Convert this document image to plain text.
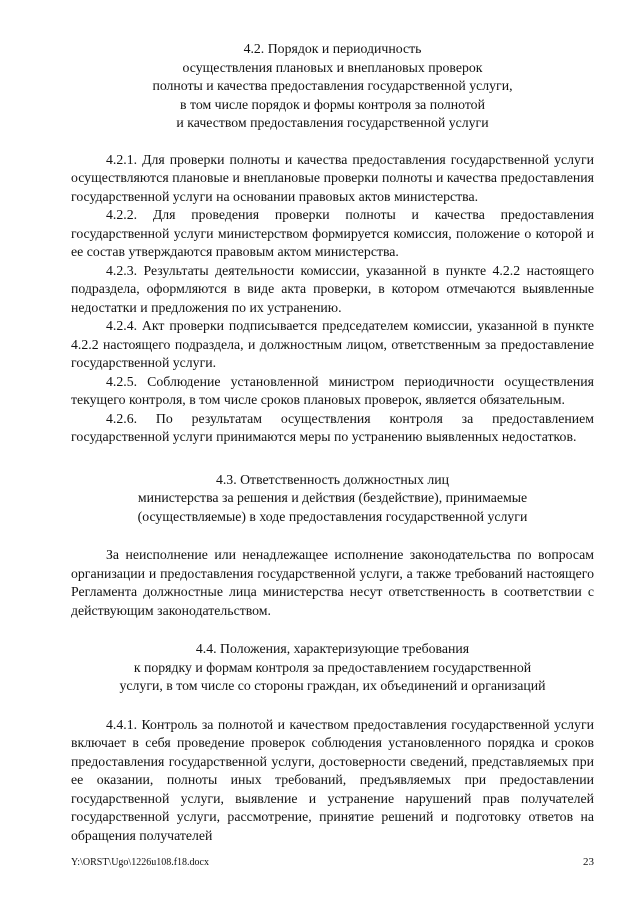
4.2. Порядок и периодичность
осуществления плановых и внеплановых проверок
полноты и качества предоставления государственной услуги,
в том числе порядок и формы контроля за полнотой
и качеством предоставления государственной услуги

4.2.1. Для проверки полноты и качества предоставления государственной услуги осуществляются плановые и внеплановые проверки полноты и качества предоставления государственной услуги на основании правовых актов министерства.

4.2.2. Для проведения проверки полноты и качества предоставления государственной услуги министерством формируется комиссия, положение о которой и ее состав утверждаются правовым актом министерства.

4.2.3. Результаты деятельности комиссии, указанной в пункте 4.2.2 настоящего подраздела, оформляются в виде акта проверки, в котором отмечаются выявленные недостатки и предложения по их устранению.

4.2.4. Акт проверки подписывается председателем комиссии, указанной в пункте 4.2.2 настоящего подраздела, и должностным лицом, ответственным за предоставление государственной услуги.

4.2.5. Соблюдение установленной министром периодичности осуществления текущего контроля, в том числе сроков плановых проверок, является обязательным.

4.2.6. По результатам осуществления контроля за предоставлением государственной услуги принимаются меры по устранению выявленных недостатков.

4.3. Ответственность должностных лиц
министерства за решения и действия (бездействие), принимаемые
(осуществляемые) в ходе предоставления государственной услуги

За неисполнение или ненадлежащее исполнение законодательства по вопросам организации и предоставления государственной услуги, а также требований настоящего Регламента должностные лица министерства несут ответственность в соответствии с действующим законодательством.

4.4. Положения, характеризующие требования
к порядку и формам контроля за предоставлением государственной
услуги, в том числе со стороны граждан, их объединений и организаций

4.4.1. Контроль за полнотой и качеством предоставления государственной услуги включает в себя проведение проверок соблюдения установленного порядка и сроков предоставления государственной услуги, достоверности сведений, представляемых при ее оказании, полноты иных требований, предъявляемых при предоставлении государственной услуги, выявление и устранение нарушений прав получателей государственной услуги, рассмотрение, принятие решений и подготовку ответов на обращения получателей

Y:\ORST\Ugo\1226u108.f18.docx	23
